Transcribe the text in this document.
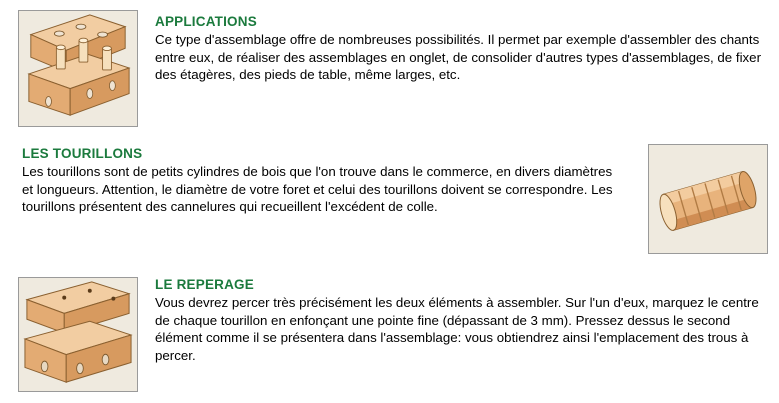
APPLICATIONS

Ce type d'assemblage offre de nombreuses possibilités. Il permet par exemple d'assembler des chants entre eux, de réaliser des assemblages en onglet, de consolider d'autres types d'assemblages, de fixer des étagères, des pieds de table, même larges, etc.

LES TOURILLONS

Les tourillons sont de petits cylindres de bois que l'on trouve dans le commerce, en divers diamètres et longueurs. Attention, le diamètre de votre foret et celui des tourillons doivent se correspondre. Les tourillons présentent des cannelures qui recueillent l'excédent de colle.

LE REPERAGE

Vous devrez percer très précisément les deux éléments à assembler. Sur l'un d'eux, marquez le centre de chaque tourillon en enfonçant une pointe fine (dépassant de 3 mm). Pressez dessus le second élément comme il se présentera dans l'assemblage: vous obtiendrez ainsi l'emplacement des trous à percer.
